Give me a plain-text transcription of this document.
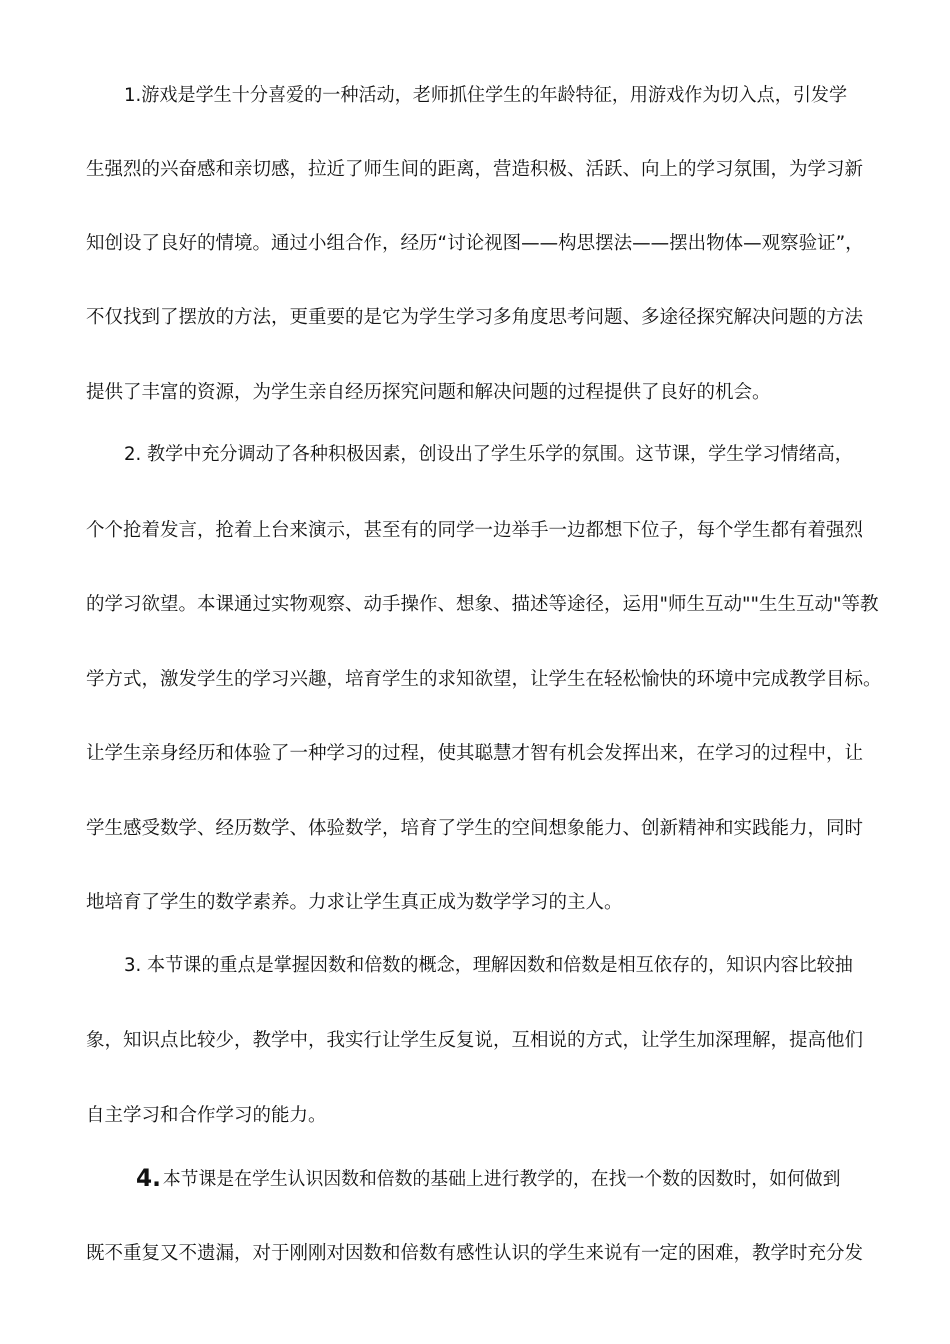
1.游戏是学生十分喜爱的一种活动，老师抓住学生的年龄特征，用游戏作为切入点，引发学
生强烈的兴奋感和亲切感，拉近了师生间的距离，营造积极、活跃、向上的学习氛围，为学习新
知创设了良好的情境。通过小组合作，经历“讨论视图——构思摆法——摆出物体—观察验证”，
不仅找到了摆放的方法，更重要的是它为学生学习多角度思考问题、多途径探究解决问题的方法
提供了丰富的资源，为学生亲自经历探究问题和解决问题的过程提供了良好的机会。
2. 教学中充分调动了各种积极因素，创设出了学生乐学的氛围。这节课，学生学习情绪高，
个个抢着发言，抢着上台来演示，甚至有的同学一边举手一边都想下位子，每个学生都有着强烈
的学习欲望。本课通过实物观察、动手操作、想象、描述等途径，运用"师生互动""生生互动"等教
学方式，激发学生的学习兴趣，培育学生的求知欲望，让学生在轻松愉快的环境中完成教学目标。
让学生亲身经历和体验了一种学习的过程，使其聪慧才智有机会发挥出来，在学习的过程中，让
学生感受数学、经历数学、体验数学，培育了学生的空间想象能力、创新精神和实践能力，同时
地培育了学生的数学素养。力求让学生真正成为数学学习的主人。
3. 本节课的重点是掌握因数和倍数的概念，理解因数和倍数是相互依存的，知识内容比较抽
象，知识点比较少，教学中，我实行让学生反复说，互相说的方式，让学生加深理解，提高他们
自主学习和合作学习的能力。
4. 本节课是在学生认识因数和倍数的基础上进行教学的，在找一个数的因数时，如何做到
既不重复又不遗漏，对于刚刚对因数和倍数有感性认识的学生来说有一定的困难，教学时充分发
